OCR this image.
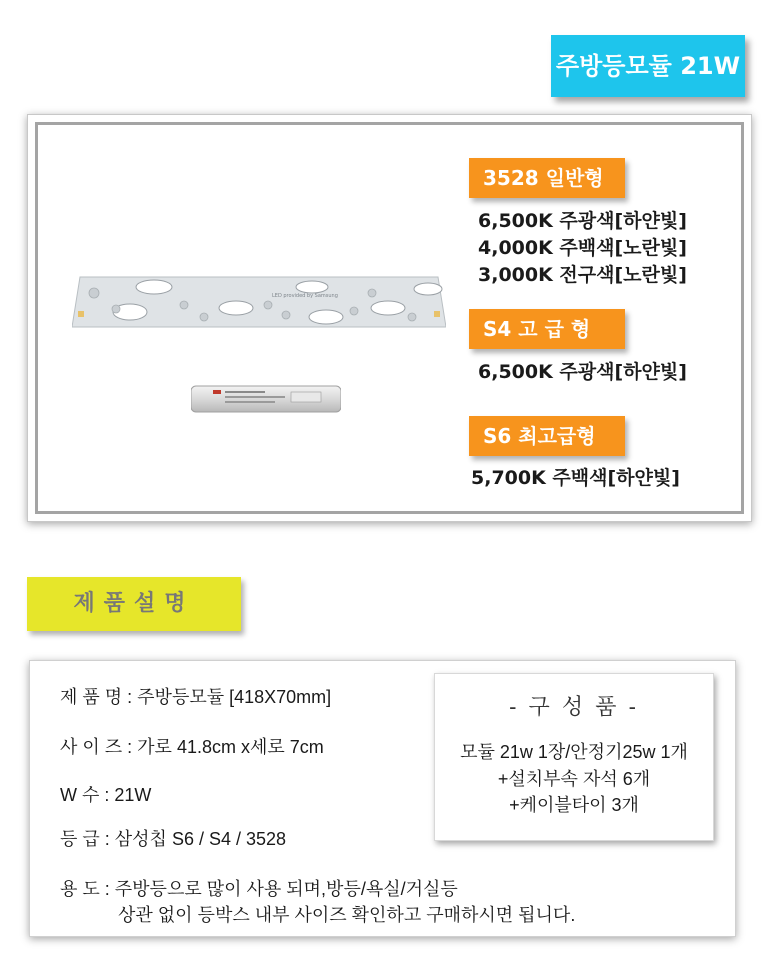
주방등모듈 21W
LED provided by Samsung
3528 일반형
6,500K 주광색[하얀빛]
4,000K 주백색[노란빛]
3,000K 전구색[노란빛]
S4 고 급 형
6,500K 주광색[하얀빛]
S6 최고급형
5,700K 주백색[하얀빛]
제품설명
제 품 명 : 주방등모듈 [418X70mm]
사 이 즈 : 가로 41.8cm x세로 7cm
W 수 : 21W
등 급 : 삼성칩 S6 / S4 / 3528
용 도 : 주방등으로 많이 사용 되며,방등/욕실/거실등
상관 없이 등박스 내부 사이즈 확인하고 구매하시면 됩니다.
- 구 성 품 -
모듈 21w 1장/안정기25w 1개
+설치부속 자석 6개
+케이블타이 3개
